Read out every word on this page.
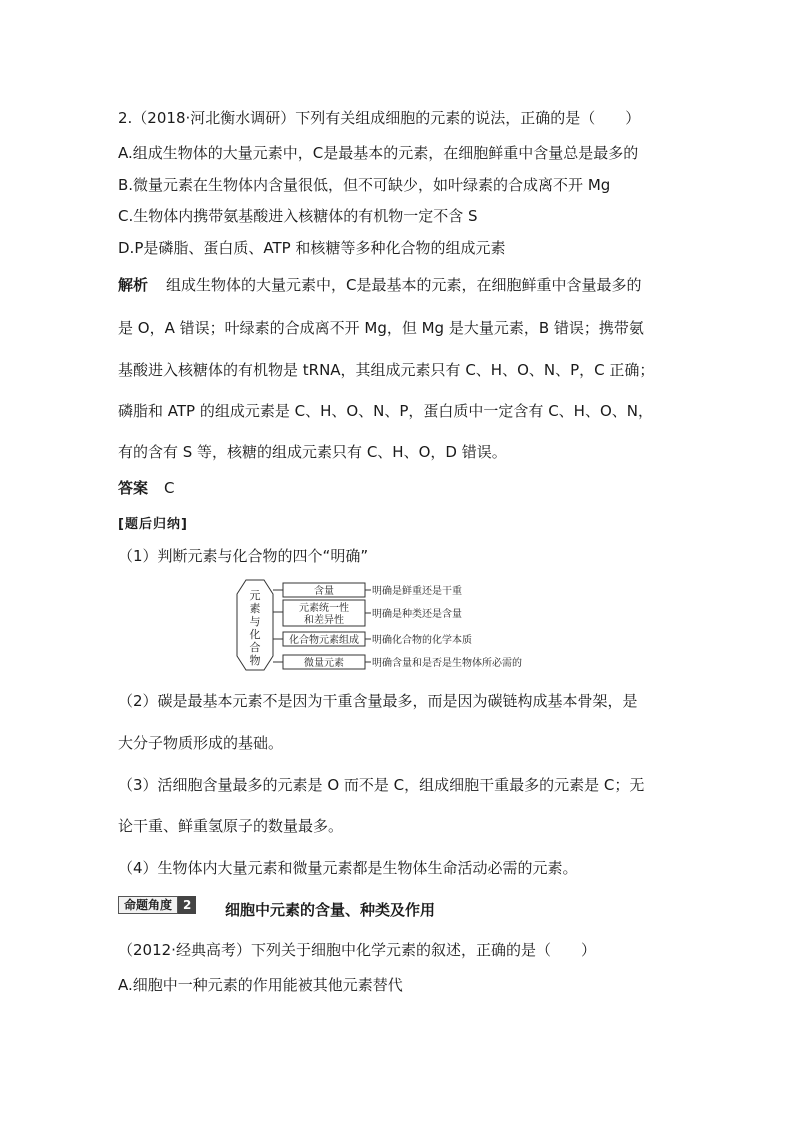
2.（2018·河北衡水调研）下列有关组成细胞的元素的说法，正确的是（　　）
A.组成生物体的大量元素中，C是最基本的元素，在细胞鲜重中含量总是最多的
B.微量元素在生物体内含量很低，但不可缺少，如叶绿素的合成离不开 Mg
C.生物体内携带氨基酸进入核糖体的有机物一定不含 S
D.P是磷脂、蛋白质、ATP 和核糖等多种化合物的组成元素
解析 组成生物体的大量元素中，C是最基本的元素，在细胞鲜重中含量最多的
是 O，A 错误；叶绿素的合成离不开 Mg，但 Mg 是大量元素，B 错误；携带氨
基酸进入核糖体的有机物是 tRNA，其组成元素只有 C、H、O、N、P，C 正确；
磷脂和 ATP 的组成元素是 C、H、O、N、P，蛋白质中一定含有 C、H、O、N，
有的含有 S 等，核糖的组成元素只有 C、H、O，D 错误。
答案 C
[题后归纳]
（1）判断元素与化合物的四个“明确”
元
素
与
化
合
物
含量
元素统一性
和差异性
化合物元素组成
微量元素
明确是鲜重还是干重
明确是种类还是含量
明确化合物的化学本质
明确含量和是否是生物体所必需的
（2）碳是最基本元素不是因为干重含量最多，而是因为碳链构成基本骨架，是
大分子物质形成的基础。
（3）活细胞含量最多的元素是 O 而不是 C，组成细胞干重最多的元素是 C；无
论干重、鲜重氢原子的数量最多。
（4）生物体内大量元素和微量元素都是生物体生命活动必需的元素。
命题角度 2	细胞中元素的含量、种类及作用
（2012·经典高考）下列关于细胞中化学元素的叙述，正确的是（　　）
A.细胞中一种元素的作用能被其他元素替代
